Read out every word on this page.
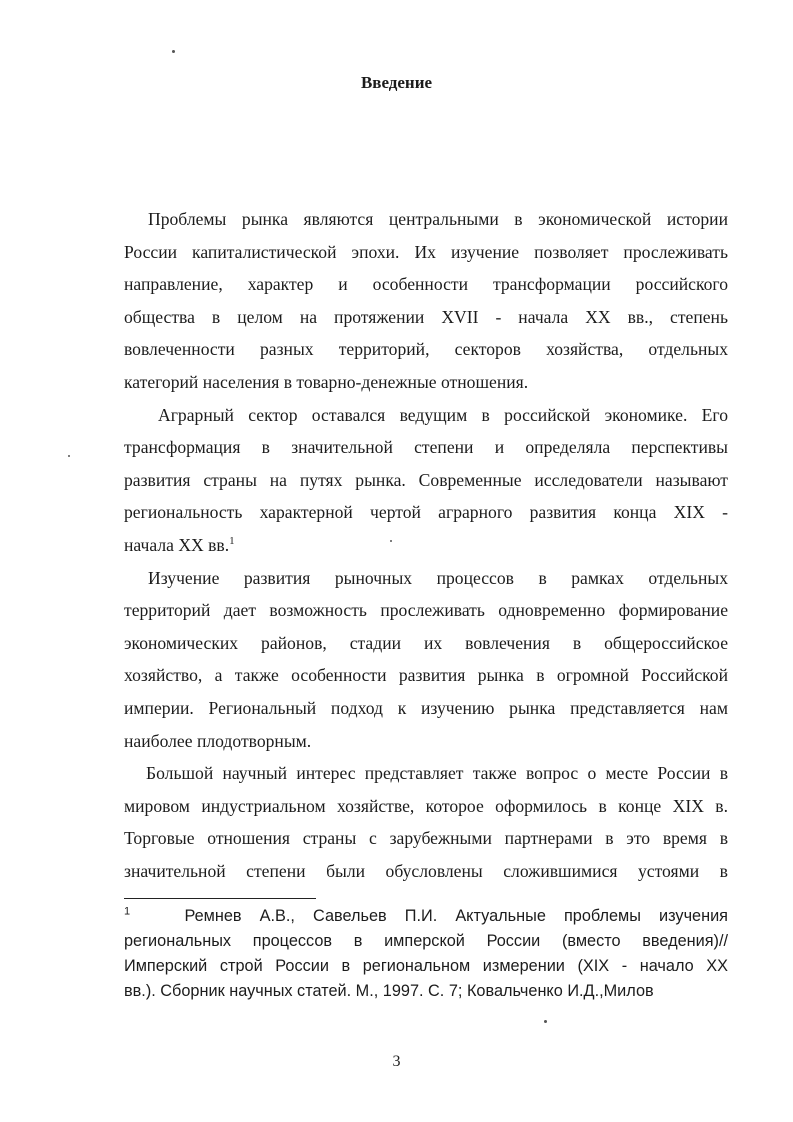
Введение
Проблемы рынка являются центральными в экономической истории
России капиталистической эпохи. Их изучение позволяет прослеживать
направление, характер и особенности трансформации российского
общества в целом на протяжении XVII - начала XX вв., степень
вовлеченности разных территорий, секторов хозяйства, отдельных
категорий населения в товарно-денежные отношения.
Аграрный сектор оставался ведущим в российской экономике. Его
трансформация в значительной степени и определяла перспективы
развития страны на путях рынка. Современные исследователи называют
региональность характерной чертой аграрного развития конца XIX -
начала XX вв.$^1$
Изучение развития рыночных процессов в рамках отдельных
территорий дает возможность прослеживать одновременно формирование
экономических районов, стадии их вовлечения в общероссийское
хозяйство, а также особенности развития рынка в огромной Российской
империи. Региональный подход к изучению рынка представляется нам
наиболее плодотворным.
Большой научный интерес представляет также вопрос о месте России в
мировом индустриальном хозяйстве, которое оформилось в конце XIX в.
Торговые отношения страны с зарубежными партнерами в это время в
значительной степени были обусловлены сложившимися устоями в
$^1$	Ремнев А.В., Савельев П.И. Актуальные проблемы изучения
региональных процессов в имперской России (вместо введения)//
Имперский строй России в региональном измерении (XIX - начало XX
вв.). Сборник научных статей. М., 1997. С. 7; Ковальченко И.Д.,Милов
3
